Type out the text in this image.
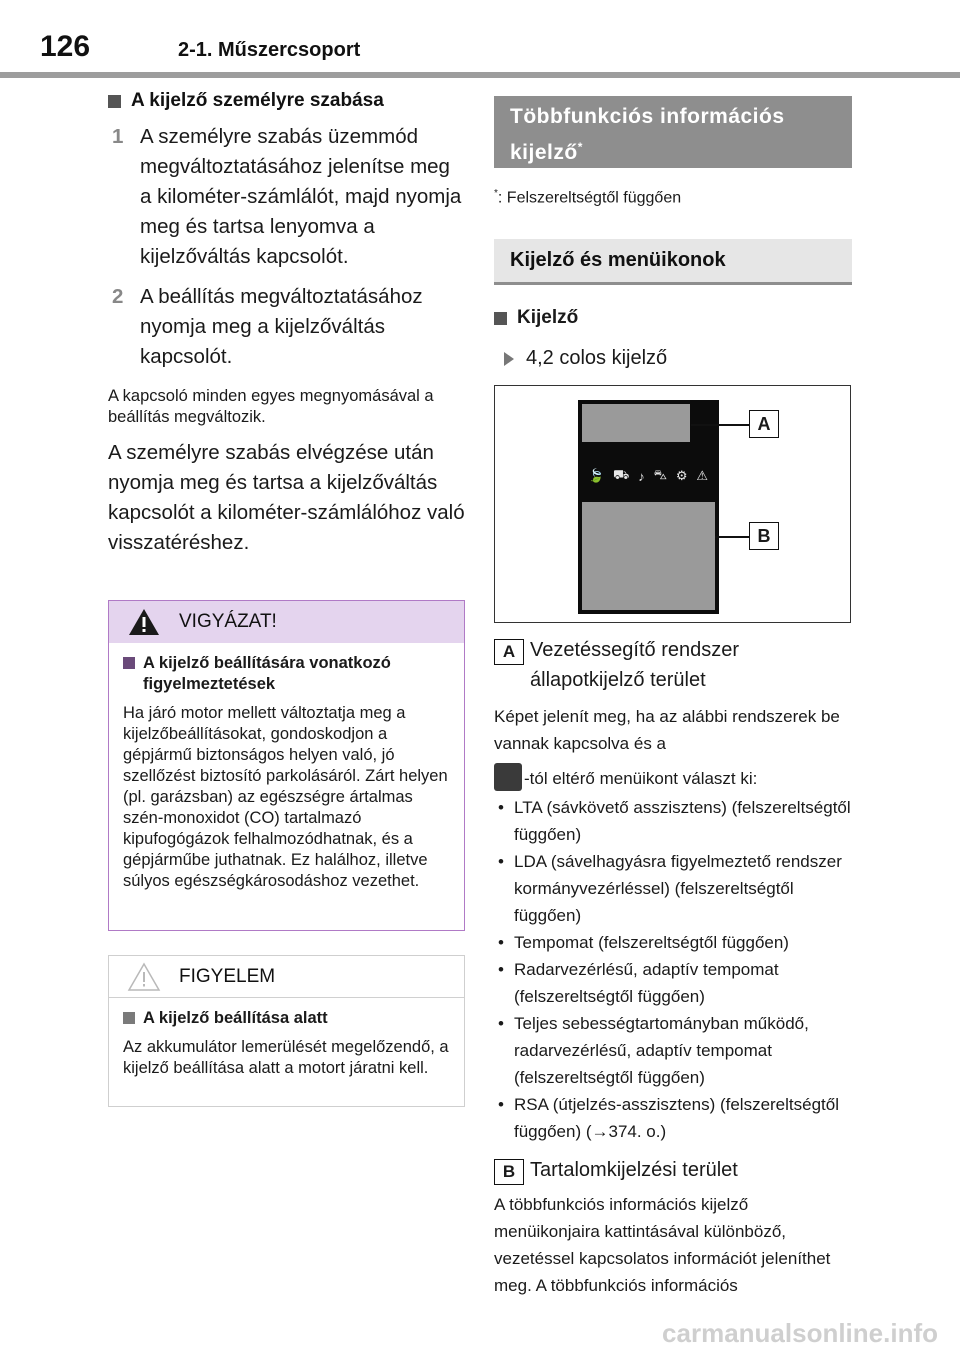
126	2-1. Műszercsoport
A kijelző személyre szabása
1 A személyre szabás üzemmód megváltoztatásához jelenítse meg a kilométer-számlálót, majd nyomja meg és tartsa lenyomva a kijelzőváltás kapcsolót.
2 A beállítás megváltoztatásához nyomja meg a kijelzőváltás kapcsolót.
A kapcsoló minden egyes megnyomásával a beállítás megváltozik.
A személyre szabás elvégzése után nyomja meg és tartsa a kijelzőváltás kapcsolót a kilométer-számlálóhoz való visszatéréshez.
VIGYÁZAT!
A kijelző beállítására vonatkozó figyelmeztetések
Ha járó motor mellett változtatja meg a kijelzőbeállításokat, gondoskodjon a gépjármű biztonságos helyen való, jó szellőzést biztosító parkolásáról. Zárt helyen (pl. garázsban) az egészségre ártalmas szén-monoxidot (CO) tartalmazó kipufogógázok felhalmozódhatnak, és a gépjárműbe juthatnak. Ez halálhoz, illetve súlyos egészségkárosodáshoz vezethet.
FIGYELEM
A kijelző beállítása alatt
Az akkumulátor lemerülését megelőzendő, a kijelző beállítása alatt a motort járatni kell.
Többfunkciós információs kijelző*
*: Felszereltségtől függően
Kijelző és menüikonok
Kijelző
4,2 colos kijelző
🍃 ⛟ ♪ ⛍ ⚙ ⚠
A
B
A Vezetéssegítő rendszer állapotkijelző terület
Képet jelenít meg, ha az alábbi rendszerek be vannak kapcsolva és a
-tól eltérő menüikont választ ki:
• LTA (sávkövető asszisztens) (felszereltségtől függően)
• LDA (sávelhagyásra figyelmeztető rendszer kormányvezérléssel) (felszereltségtől függően)
• Tempomat (felszereltségtől függően)
• Radarvezérlésű, adaptív tempomat (felszereltségtől függően)
• Teljes sebességtartományban működő, radarvezérlésű, adaptív tempomat (felszereltségtől függően)
• RSA (útjelzés-asszisztens) (felszereltségtől függően) (→374. o.)
B Tartalomkijelzési terület
A többfunkciós információs kijelző menüikonjaira kattintásával különböző, vezetéssel kapcsolatos információt jeleníthet meg. A többfunkciós információs
carmanualsonline.info
